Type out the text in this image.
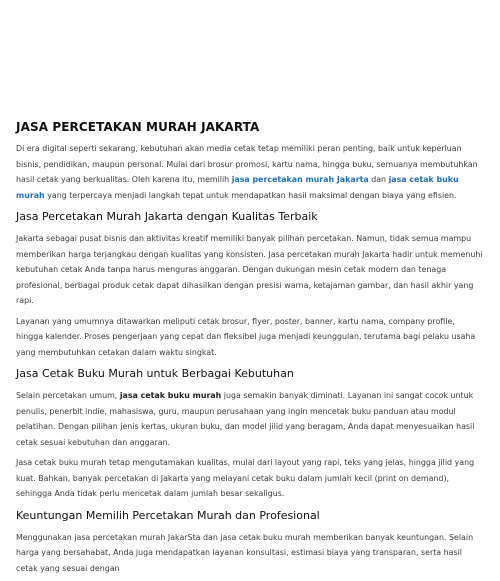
JASA PERCETAKAN MURAH JAKARTA

Di era digital seperti sekarang, kebutuhan akan media cetak tetap memiliki peran penting, baik untuk keperluan bisnis, pendidikan, maupun personal. Mulai dari brosur promosi, kartu nama, hingga buku, semuanya membutuhkan hasil cetak yang berkualitas. Oleh karena itu, memilih jasa percetakan murah Jakarta dan jasa cetak buku murah yang terpercaya menjadi langkah tepat untuk mendapatkan hasil maksimal dengan biaya yang efisien.

Jasa Percetakan Murah Jakarta dengan Kualitas Terbaik

Jakarta sebagai pusat bisnis dan aktivitas kreatif memiliki banyak pilihan percetakan. Namun, tidak semua mampu memberikan harga terjangkau dengan kualitas yang konsisten. Jasa percetakan murah Jakarta hadir untuk memenuhi kebutuhan cetak Anda tanpa harus menguras anggaran. Dengan dukungan mesin cetak modern dan tenaga profesional, berbagai produk cetak dapat dihasilkan dengan presisi warna, ketajaman gambar, dan hasil akhir yang rapi.

Layanan yang umumnya ditawarkan meliputi cetak brosur, flyer, poster, banner, kartu nama, company profile, hingga kalender. Proses pengerjaan yang cepat dan fleksibel juga menjadi keunggulan, terutama bagi pelaku usaha yang membutuhkan cetakan dalam waktu singkat.

Jasa Cetak Buku Murah untuk Berbagai Kebutuhan

Selain percetakan umum, jasa cetak buku murah juga semakin banyak diminati. Layanan ini sangat cocok untuk penulis, penerbit indie, mahasiswa, guru, maupun perusahaan yang ingin mencetak buku panduan atau modul pelatihan. Dengan pilihan jenis kertas, ukuran buku, dan model jilid yang beragam, Anda dapat menyesuaikan hasil cetak sesuai kebutuhan dan anggaran.

Jasa cetak buku murah tetap mengutamakan kualitas, mulai dari layout yang rapi, teks yang jelas, hingga jilid yang kuat. Bahkan, banyak percetakan di Jakarta yang melayani cetak buku dalam jumlah kecil (print on demand), sehingga Anda tidak perlu mencetak dalam jumlah besar sekaligus.

Keuntungan Memilih Percetakan Murah dan Profesional

Menggunakan jasa percetakan murah JakarSta dan jasa cetak buku murah memberikan banyak keuntungan. Selain harga yang bersahabat, Anda juga mendapatkan layanan konsultasi, estimasi biaya yang transparan, serta hasil cetak yang sesuai dengan
